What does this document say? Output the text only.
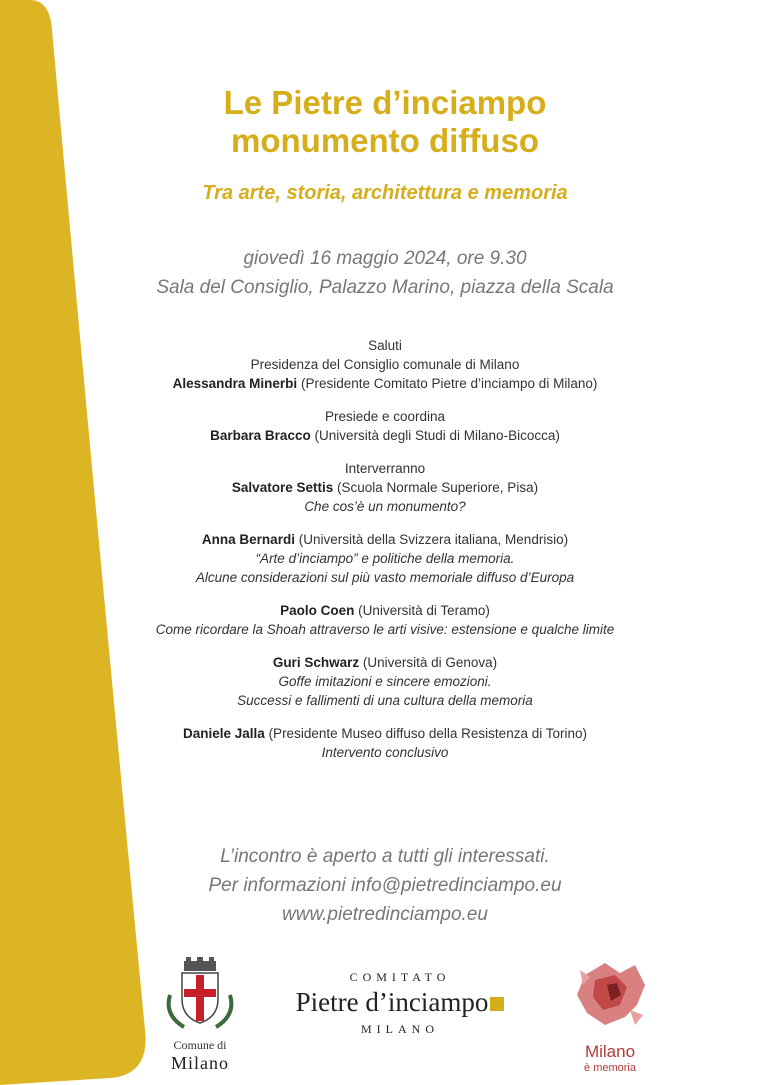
Le Pietre d’inciampo
monumento diffuso
Tra arte, storia, architettura e memoria
giovedì 16 maggio 2024, ore 9.30
Sala del Consiglio, Palazzo Marino, piazza della Scala
Saluti
Presidenza del Consiglio comunale di Milano
Alessandra Minerbi (Presidente Comitato Pietre d’inciampo di Milano)
Presiede e coordina
Barbara Bracco (Università degli Studi di Milano-Bicocca)
Interverranno
Salvatore Settis (Scuola Normale Superiore, Pisa)
Che cos’è un monumento?
Anna Bernardi (Università della Svizzera italiana, Mendrisio)
“Arte d’inciampo” e politiche della memoria.
Alcune considerazioni sul più vasto memoriale diffuso d’Europa
Paolo Coen (Università di Teramo)
Come ricordare la Shoah attraverso le arti visive: estensione e qualche limite
Guri Schwarz (Università di Genova)
Goffe imitazioni e sincere emozioni.
Successi e fallimenti di una cultura della memoria
Daniele Jalla (Presidente Museo diffuso della Resistenza di Torino)
Intervento conclusivo
L’incontro è aperto a tutti gli interessati.
Per informazioni info@pietredinciampo.eu
www.pietredinciampo.eu
Comune di
Milano
COMITATO
Pietre d’inciampo
MILANO
Milano
è memoria
